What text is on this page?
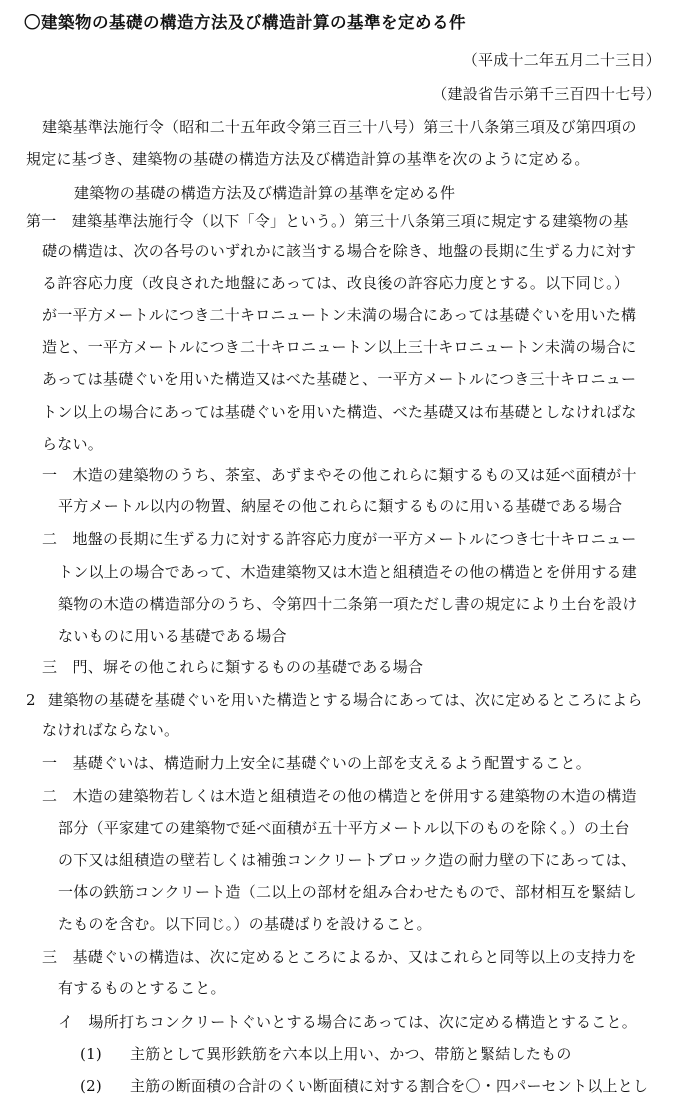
〇建築物の基礎の構造方法及び構造計算の基準を定める件
（平成十二年五月二十三日）
（建設省告示第千三百四十七号）
建築基準法施行令（昭和二十五年政令第三百三十八号）第三十八条第三項及び第四項の
規定に基づき、建築物の基礎の構造方法及び構造計算の基準を次のように定める。
建築物の基礎の構造方法及び構造計算の基準を定める件
第一　建築基準法施行令（以下「令」という。）第三十八条第三項に規定する建築物の基
礎の構造は、次の各号のいずれかに該当する場合を除き、地盤の長期に生ずる力に対す
る許容応力度（改良された地盤にあっては、改良後の許容応力度とする。以下同じ。）
が一平方メートルにつき二十キロニュートン未満の場合にあっては基礎ぐいを用いた構
造と、一平方メートルにつき二十キロニュートン以上三十キロニュートン未満の場合に
あっては基礎ぐいを用いた構造又はべた基礎と、一平方メートルにつき三十キロニュー
トン以上の場合にあっては基礎ぐいを用いた構造、べた基礎又は布基礎としなければな
らない。
一　木造の建築物のうち、茶室、あずまやその他これらに類するもの又は延べ面積が十
平方メートル以内の物置、納屋その他これらに類するものに用いる基礎である場合
二　地盤の長期に生ずる力に対する許容応力度が一平方メートルにつき七十キロニュー
トン以上の場合であって、木造建築物又は木造と組積造その他の構造とを併用する建
築物の木造の構造部分のうち、令第四十二条第一項ただし書の規定により土台を設け
ないものに用いる基礎である場合
三　門、塀その他これらに類するものの基礎である場合
2 建築物の基礎を基礎ぐいを用いた構造とする場合にあっては、次に定めるところによら
なければならない。
一　基礎ぐいは、構造耐力上安全に基礎ぐいの上部を支えるよう配置すること。
二　木造の建築物若しくは木造と組積造その他の構造とを併用する建築物の木造の構造
部分（平家建ての建築物で延べ面積が五十平方メートル以下のものを除く。）の土台
の下又は組積造の壁若しくは補強コンクリートブロック造の耐力壁の下にあっては、
一体の鉄筋コンクリート造（二以上の部材を組み合わせたもので、部材相互を緊結し
たものを含む。以下同じ。）の基礎ばりを設けること。
三　基礎ぐいの構造は、次に定めるところによるか、又はこれらと同等以上の支持力を
有するものとすること。
イ　場所打ちコンクリートぐいとする場合にあっては、次に定める構造とすること。
(1) 主筋として異形鉄筋を六本以上用い、かつ、帯筋と緊結したもの
(2) 主筋の断面積の合計のくい断面積に対する割合を〇・四パーセント以上とし
